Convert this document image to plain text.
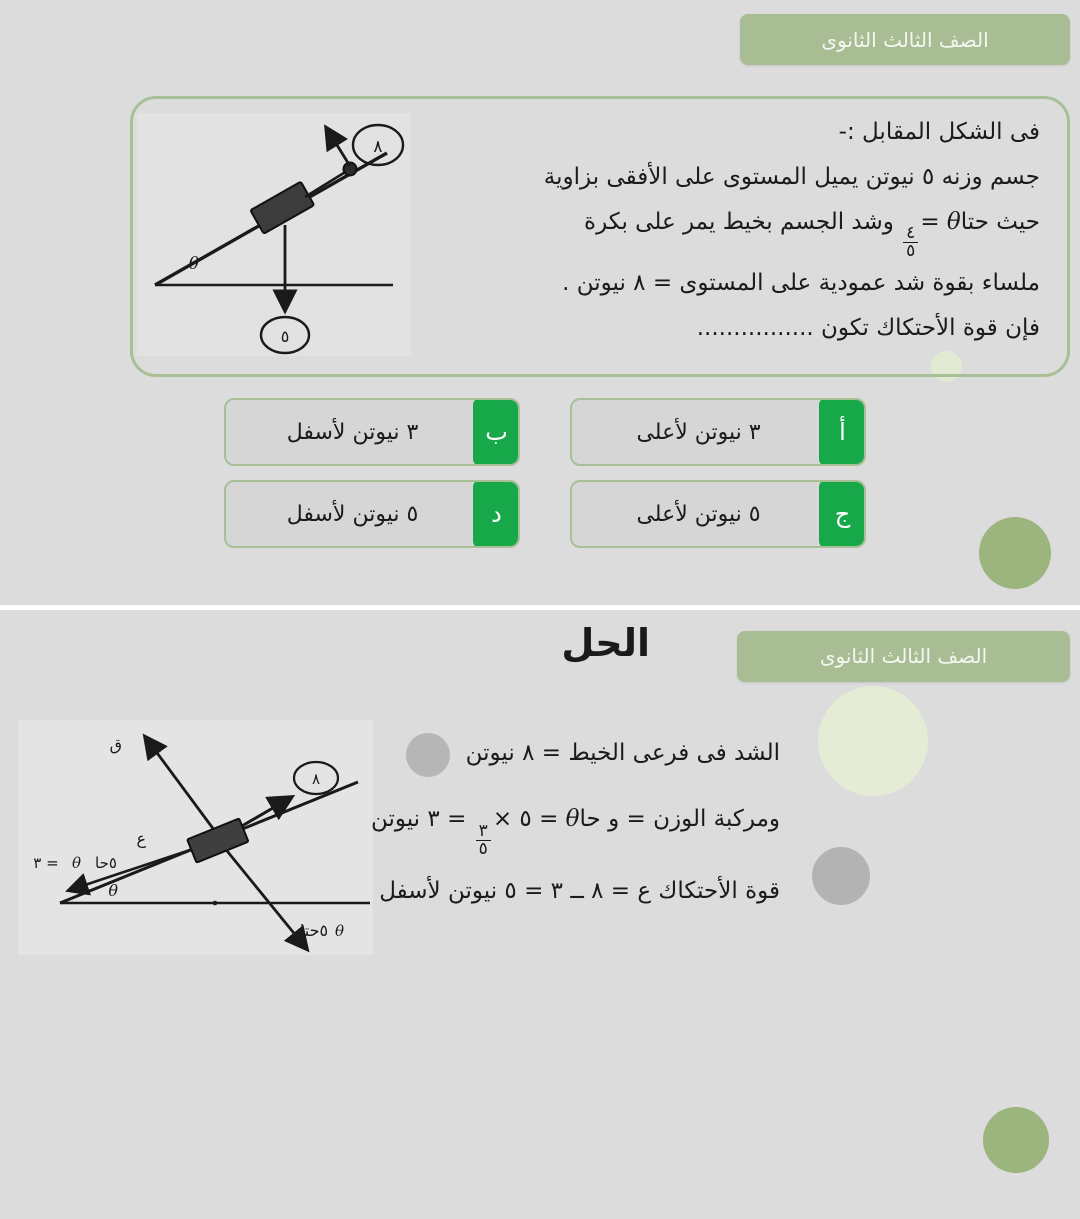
الصف الثالث الثانوى
θ
٨
٥
فى الشكل المقابل :-
جسم وزنه ٥ نيوتن يميل المستوى على الأفقى بزاوية
حيث حتاθ =
$\frac{٤}{٥}$
وشد الجسم بخيط يمر على بكرة
ملساء بقوة شد عمودية على المستوى = ٨ نيوتن .
فإن قوة الأحتكاك تكون ................
أ
٣ نيوتن لأعلى
ب
٣ نيوتن لأسفل
ج
٥ نيوتن لأعلى
د
٥ نيوتن لأسفل
الصف الثالث الثانوى
الحل
θ
٨
ق
٥حتا θ
ع
٥حا
θ
= ٣
الشد فى فرعى الخيط = ٨ نيوتن
ومركبة الوزن = و حاθ = ٥ ×
$\frac{٣}{٥}$
= ٣ نيوتن
قوة الأحتكاك ع = ٨ ــ ٣ = ٥ نيوتن لأسفل
